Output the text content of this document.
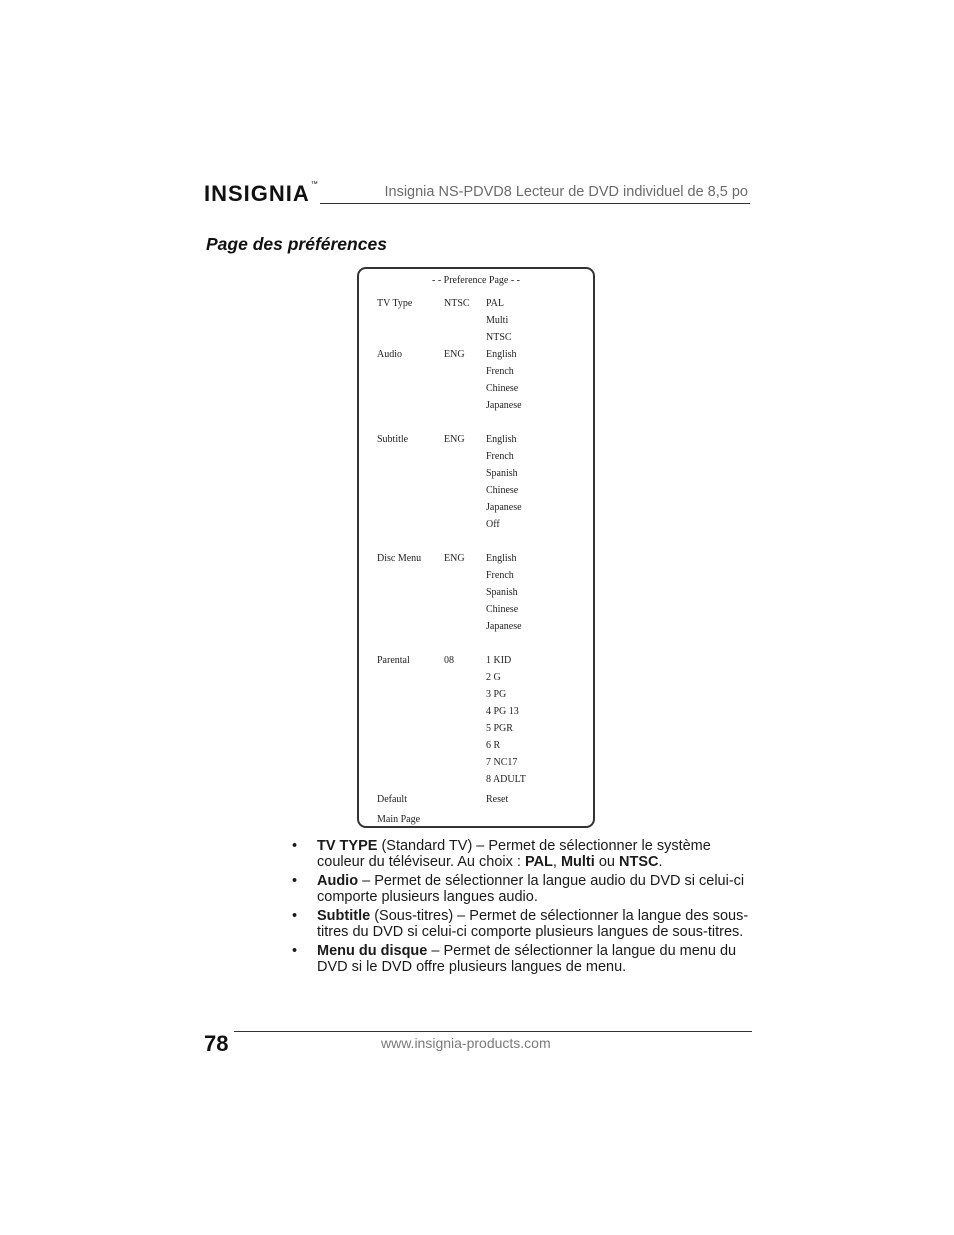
INSIGNIA™	Insignia NS-PDVD8 Lecteur de DVD individuel de 8,5 po
Page des préférences
- - Preference Page - -
TV Type	NTSC PAL
Multi
NTSC
Audio	ENG English
French
Chinese
Japanese
Subtitle	ENG English
French
Spanish
Chinese
Japanese
Off
Disc Menu ENG English
French
Spanish
Chinese
Japanese
Parental	08	1 KID
2 G
3 PG
4 PG 13
5 PGR
6 R
7 NC17
8 ADULT
Default	Reset
Main Page
• TV TYPE (Standard TV) – Permet de sélectionner le système couleur du téléviseur. Au choix : PAL, Multi ou NTSC.
• Audio – Permet de sélectionner la langue audio du DVD si celui-ci comporte plusieurs langues audio.
• Subtitle (Sous-titres) – Permet de sélectionner la langue des sous-titres du DVD si celui-ci comporte plusieurs langues de sous-titres.
• Menu du disque – Permet de sélectionner la langue du menu du DVD si le DVD offre plusieurs langues de menu.
78	www.insignia-products.com
